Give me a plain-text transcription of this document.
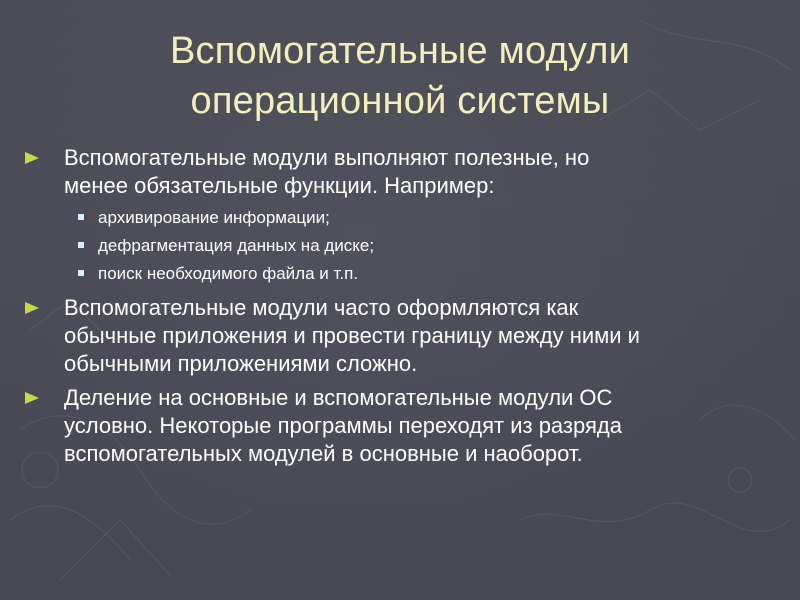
Вспомогательные модули
операционной системы
Вспомогательные модули выполняют полезные, но
менее обязательные функции. Например:
архивирование информации;
дефрагментация данных на диске;
поиск необходимого файла и т.п.
Вспомогательные модули часто оформляются как
обычные приложения и провести границу между ними и
обычными приложениями сложно.
Деление на основные и вспомогательные модули ОС
условно. Некоторые программы переходят из разряда
вспомогательных модулей в основные и наоборот.
